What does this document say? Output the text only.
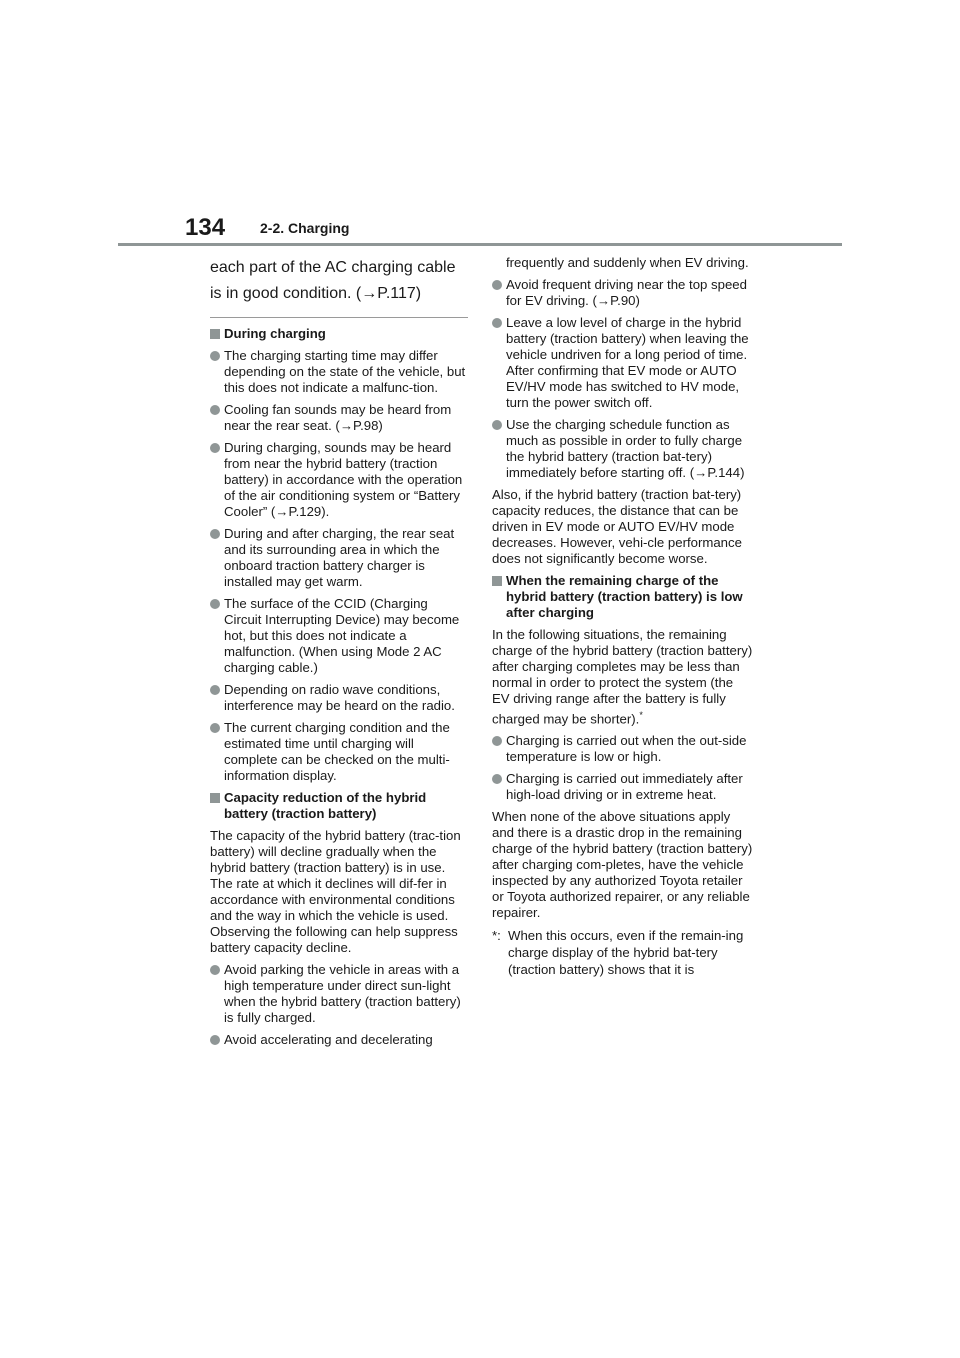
134 2-2. Charging

each part of the AC charging cable is in good condition. (→P.117)

During charging
The charging starting time may differ depending on the state of the vehicle, but this does not indicate a malfunc-tion.
Cooling fan sounds may be heard from near the rear seat. (→P.98)
During charging, sounds may be heard from near the hybrid battery (traction battery) in accordance with the operation of the air conditioning system or “Battery Cooler” (→P.129).
During and after charging, the rear seat and its surrounding area in which the onboard traction battery charger is installed may get warm.
The surface of the CCID (Charging Circuit Interrupting Device) may become hot, but this does not indicate a malfunction. (When using Mode 2 AC charging cable.)
Depending on radio wave conditions, interference may be heard on the radio.
The current charging condition and the estimated time until charging will complete can be checked on the multi-information display.
Capacity reduction of the hybrid battery (traction battery)

The capacity of the hybrid battery (trac-tion battery) will decline gradually when the hybrid battery (traction battery) is in use. The rate at which it declines will dif-fer in accordance with environmental conditions and the way in which the vehicle is used. Observing the following can help suppress battery capacity decline.

Avoid parking the vehicle in areas with a high temperature under direct sun-light when the hybrid battery (traction battery) is fully charged.
Avoid accelerating and decelerating

frequently and suddenly when EV driving.

Avoid frequent driving near the top speed for EV driving. (→P.90)
Leave a low level of charge in the hybrid battery (traction battery) when leaving the vehicle undriven for a long period of time.
After confirming that EV mode or AUTO EV/HV mode has switched to HV mode, turn the power switch off.
Use the charging schedule function as much as possible in order to fully charge the hybrid battery (traction bat-tery) immediately before starting off. (→P.144)

Also, if the hybrid battery (traction bat-tery) capacity reduces, the distance that can be driven in EV mode or AUTO EV/HV mode decreases. However, vehi-cle performance does not significantly become worse.

When the remaining charge of the hybrid battery (traction battery) is low after charging

In the following situations, the remaining charge of the hybrid battery (traction battery) after charging completes may be less than normal in order to protect the system (the EV driving range after the battery is fully charged may be shorter).*

Charging is carried out when the out-side temperature is low or high.
Charging is carried out immediately after high-load driving or in extreme heat.

When none of the above situations apply and there is a drastic drop in the remaining charge of the hybrid battery (traction battery) after charging com-pletes, have the vehicle inspected by any authorized Toyota retailer or Toyota authorized repairer, or any reliable repairer.

*: When this occurs, even if the remain-ing charge display of the hybrid bat-tery (traction battery) shows that it is
